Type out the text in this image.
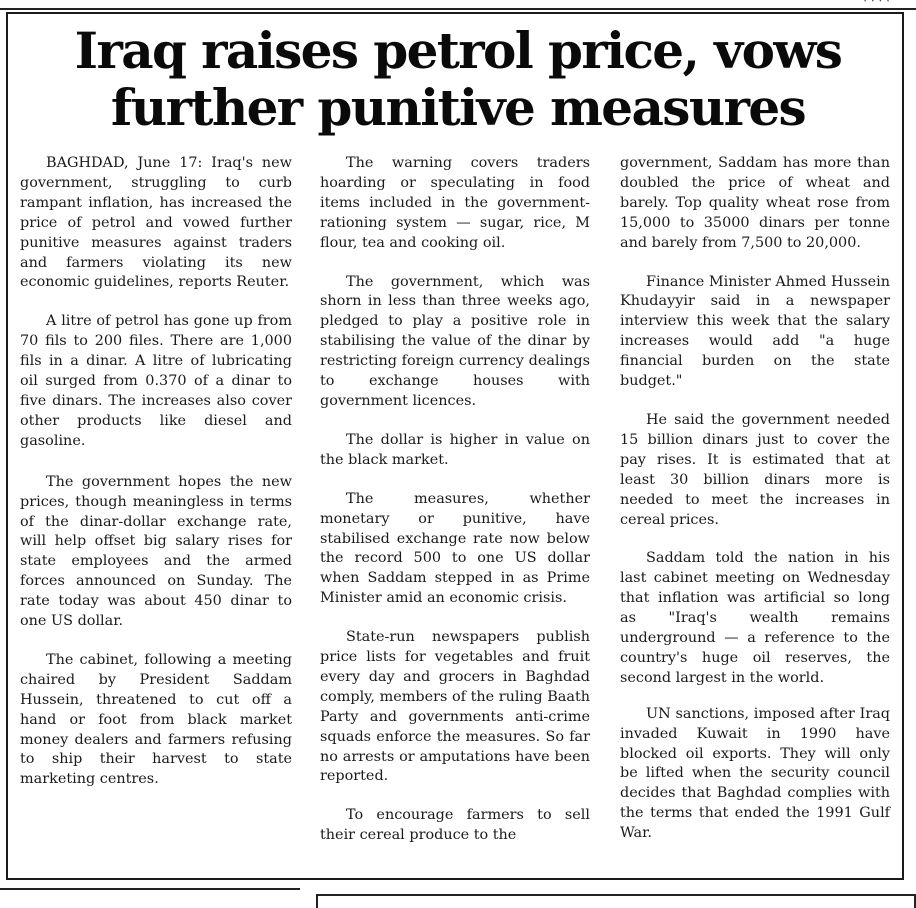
· · · ·
Iraq raises petrol price, vows further punitive measures

BAGHDAD, June 17: Iraq's new government, struggling to curb rampant inflation, has increased the price of petrol and vowed further punitive measures against traders and farmers violating its new economic guidelines, reports Reuter.

A litre of petrol has gone up from 70 fils to 200 files. There are 1,000 fils in a dinar. A litre of lubricating oil surged from 0.370 of a dinar to five dinars. The increases also cover other products like diesel and gasoline.

The government hopes the new prices, though meaningless in terms of the dinar-dollar exchange rate, will help offset big salary rises for state employees and the armed forces announced on Sunday. The rate today was about 450 dinar to one US dollar.

The cabinet, following a meeting chaired by President Saddam Hussein, threatened to cut off a hand or foot from black market money dealers and farmers refusing to ship their harvest to state marketing centres.

The warning covers traders hoarding or speculating in food items included in the government-rationing system — sugar, rice, M flour, tea and cooking oil.

The government, which was shorn in less than three weeks ago, pledged to play a positive role in stabilising the value of the dinar by restricting foreign currency dealings to exchange houses with government licences.

The dollar is higher in value on the black market.

The measures, whether monetary or punitive, have stabilised exchange rate now below the record 500 to one US dollar when Saddam stepped in as Prime Minister amid an economic crisis.

State-run newspapers publish price lists for vegetables and fruit every day and grocers in Baghdad comply, members of the ruling Baath Party and governments anti-crime squads enforce the measures. So far no arrests or amputations have been reported.

To encourage farmers to sell their cereal produce to the

government, Saddam has more than doubled the price of wheat and barely. Top quality wheat rose from 15,000 to 35000 dinars per tonne and barely from 7,500 to 20,000.

Finance Minister Ahmed Hussein Khudayyir said in a newspaper interview this week that the salary increases would add "a huge financial burden on the state budget."

He said the government needed 15 billion dinars just to cover the pay rises. It is estimated that at least 30 billion dinars more is needed to meet the increases in cereal prices.

Saddam told the nation in his last cabinet meeting on Wednesday that inflation was artificial so long as "Iraq's wealth remains underground — a reference to the country's huge oil reserves, the second largest in the world.

UN sanctions, imposed after Iraq invaded Kuwait in 1990 have blocked oil exports. They will only be lifted when the security council decides that Baghdad complies with the terms that ended the 1991 Gulf War.
